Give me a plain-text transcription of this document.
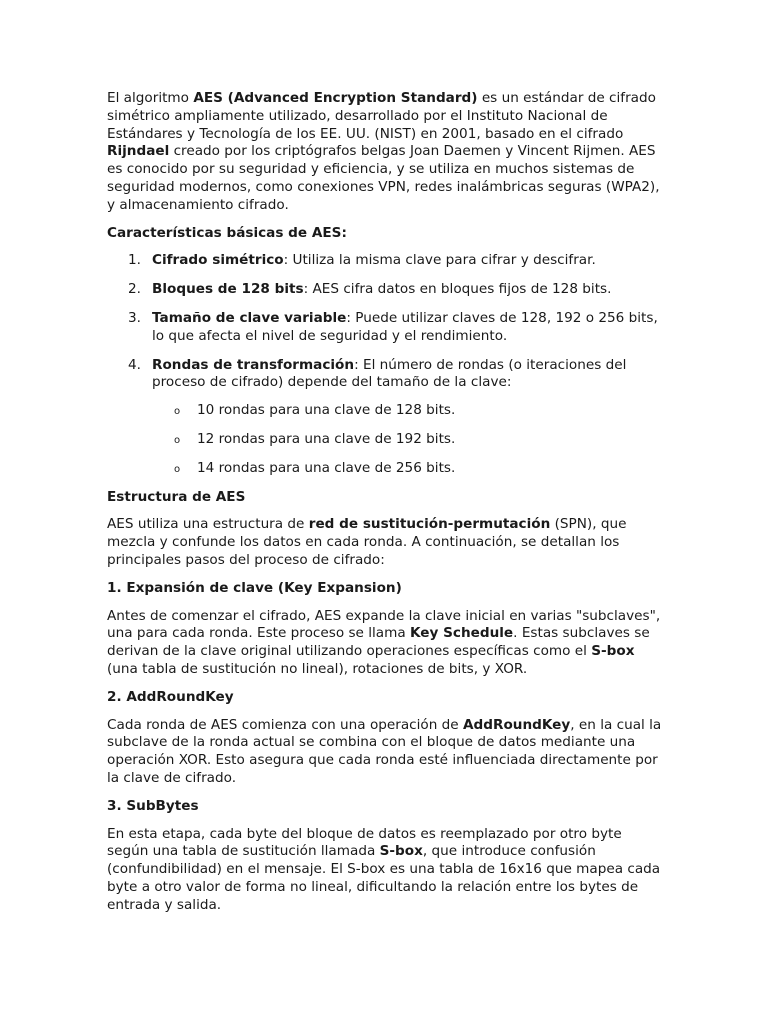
El algoritmo AES (Advanced Encryption Standard) es un estándar de cifrado simétrico ampliamente utilizado, desarrollado por el Instituto Nacional de Estándares y Tecnología de los EE. UU. (NIST) en 2001, basado en el cifrado Rijndael creado por los criptógrafos belgas Joan Daemen y Vincent Rijmen. AES es conocido por su seguridad y eficiencia, y se utiliza en muchos sistemas de seguridad modernos, como conexiones VPN, redes inalámbricas seguras (WPA2), y almacenamiento cifrado.

Características básicas de AES:

1. Cifrado simétrico: Utiliza la misma clave para cifrar y descifrar.
2. Bloques de 128 bits: AES cifra datos en bloques fijos de 128 bits.
3. Tamaño de clave variable: Puede utilizar claves de 128, 192 o 256 bits, lo que afecta el nivel de seguridad y el rendimiento.
4. Rondas de transformación: El número de rondas (o iteraciones del proceso de cifrado) depende del tamaño de la clave:
o 10 rondas para una clave de 128 bits.
o 12 rondas para una clave de 192 bits.
o 14 rondas para una clave de 256 bits.

Estructura de AES

AES utiliza una estructura de red de sustitución-permutación (SPN), que mezcla y confunde los datos en cada ronda. A continuación, se detallan los principales pasos del proceso de cifrado:

1. Expansión de clave (Key Expansion)

Antes de comenzar el cifrado, AES expande la clave inicial en varias "subclaves", una para cada ronda. Este proceso se llama Key Schedule. Estas subclaves se derivan de la clave original utilizando operaciones específicas como el S-box (una tabla de sustitución no lineal), rotaciones de bits, y XOR.

2. AddRoundKey

Cada ronda de AES comienza con una operación de AddRoundKey, en la cual la subclave de la ronda actual se combina con el bloque de datos mediante una operación XOR. Esto asegura que cada ronda esté influenciada directamente por la clave de cifrado.

3. SubBytes

En esta etapa, cada byte del bloque de datos es reemplazado por otro byte según una tabla de sustitución llamada S-box, que introduce confusión (confundibilidad) en el mensaje. El S-box es una tabla de 16x16 que mapea cada byte a otro valor de forma no lineal, dificultando la relación entre los bytes de entrada y salida.
